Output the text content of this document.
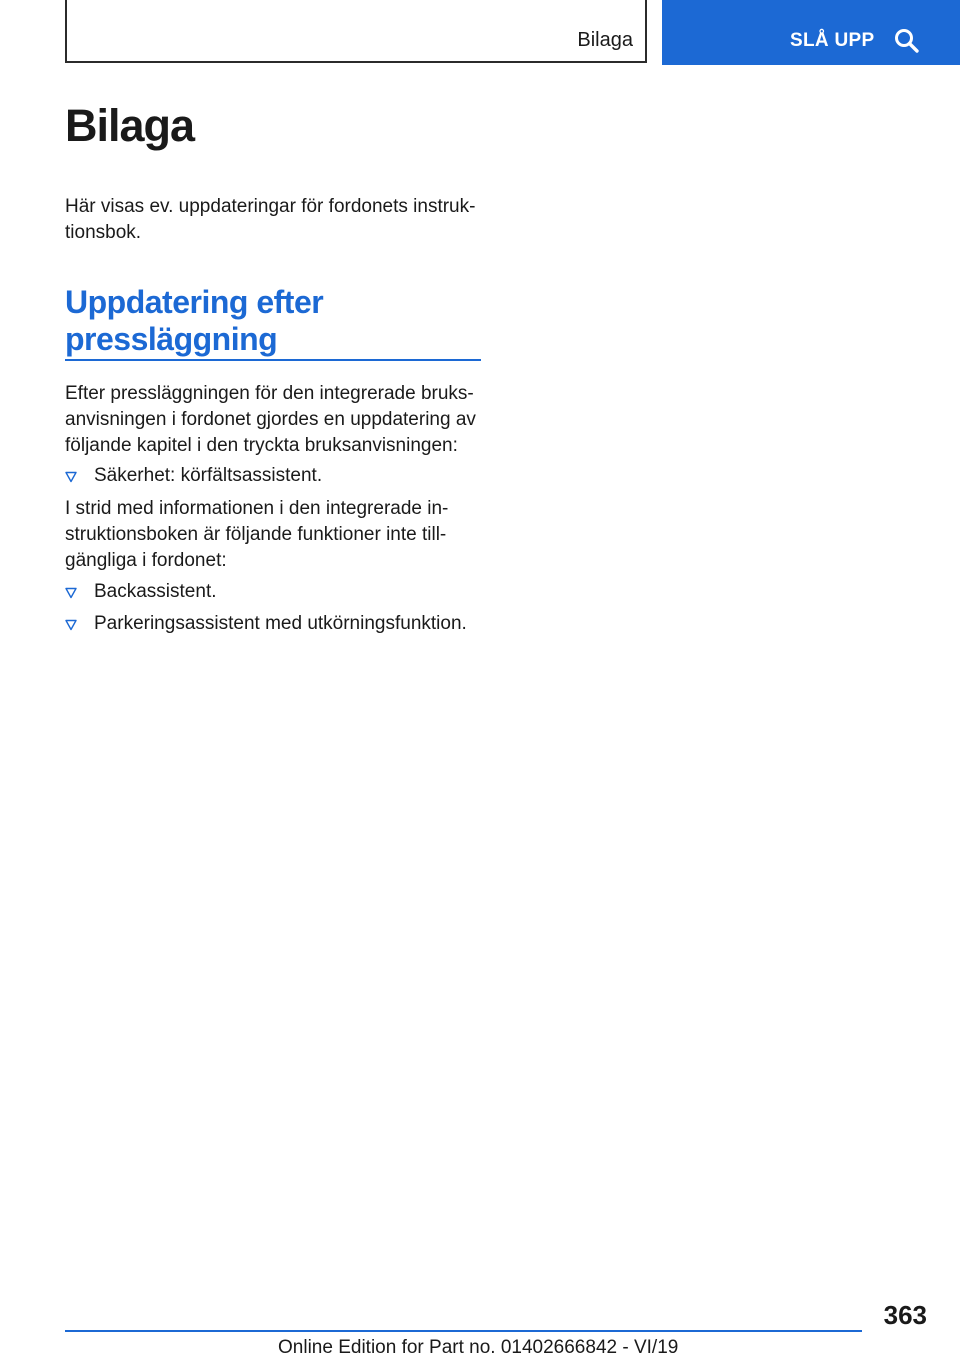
Bilaga	SLÅ UPP
Bilaga

Här visas ev. uppdateringar för fordonets instruk-
tionsbok.

Uppdatering efter
pressläggning

Efter pressläggningen för den integrerade bruks-
anvisningen i fordonet gjordes en uppdatering av
följande kapitel i den tryckta bruksanvisningen:

Säkerhet: körfältsassistent.

I strid med informationen i den integrerade in-
struktionsboken är följande funktioner inte till-
gängliga i fordonet:

Backassistent.
Parkeringsassistent med utkörningsfunktion.
363
Online Edition for Part no. 01402666842 - VI/19
